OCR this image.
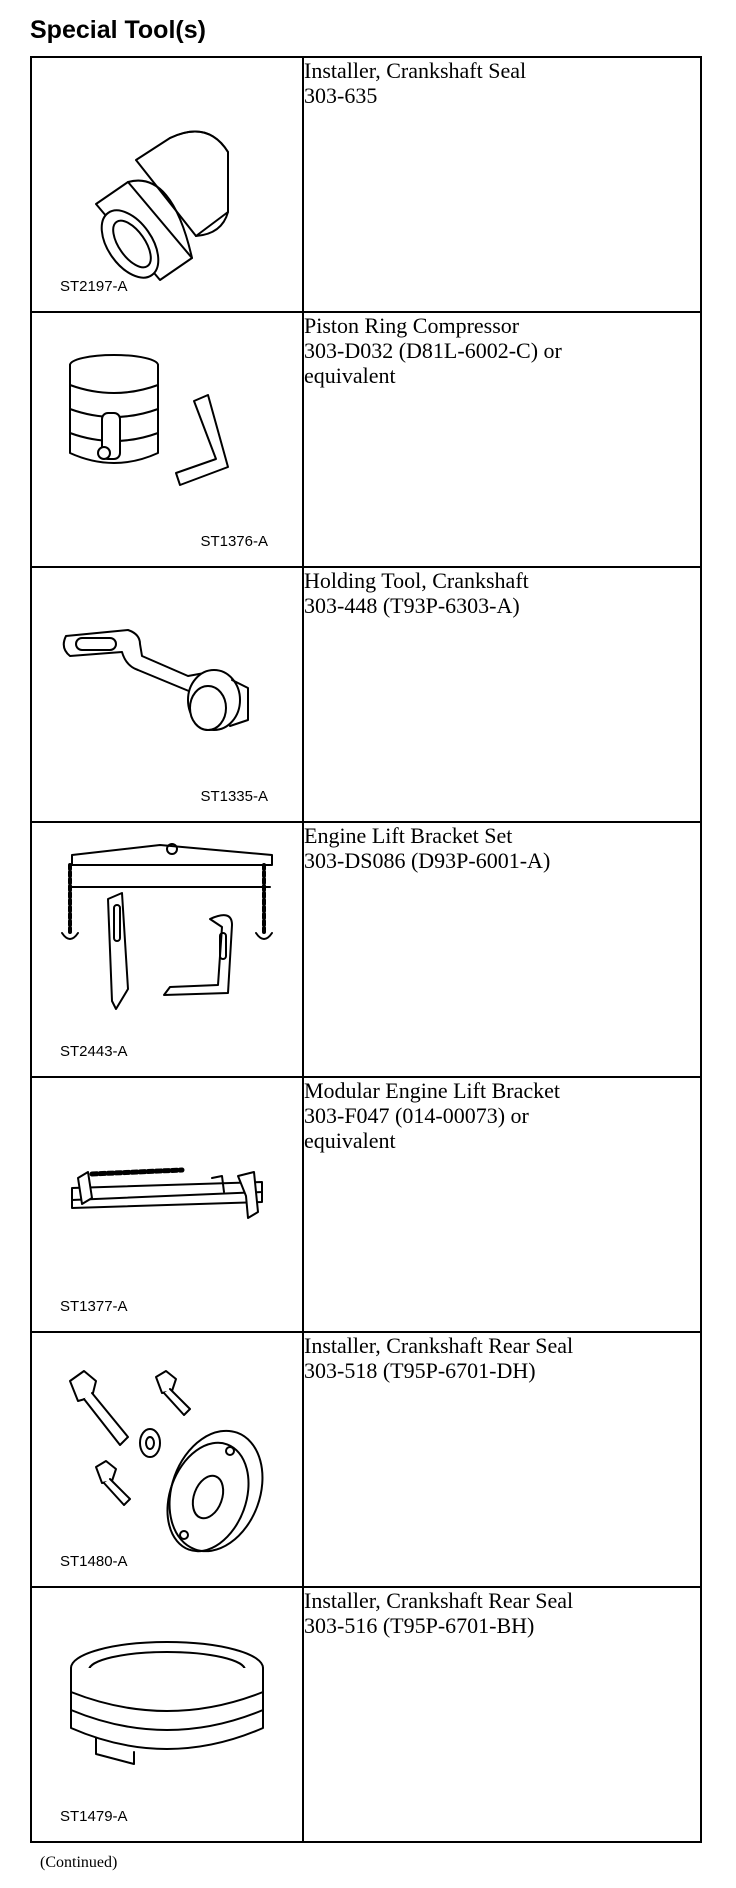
Special Tool(s)
ST2197-A	Installer, Crankshaft Seal
303-635

ST1376-A	Piston Ring Compressor
303-D032 (D81L-6002-C) or
equivalent

ST1335-A	Holding Tool, Crankshaft
303-448 (T93P-6303-A)

ST2443-A	Engine Lift Bracket Set
303-DS086 (D93P-6001-A)

ST1377-A	Modular Engine Lift Bracket
303-F047 (014-00073) or
equivalent

ST1480-A	Installer, Crankshaft Rear Seal
303-518 (T95P-6701-DH)

ST1479-A	Installer, Crankshaft Rear Seal
303-516 (T95P-6701-BH)
(Continued)
